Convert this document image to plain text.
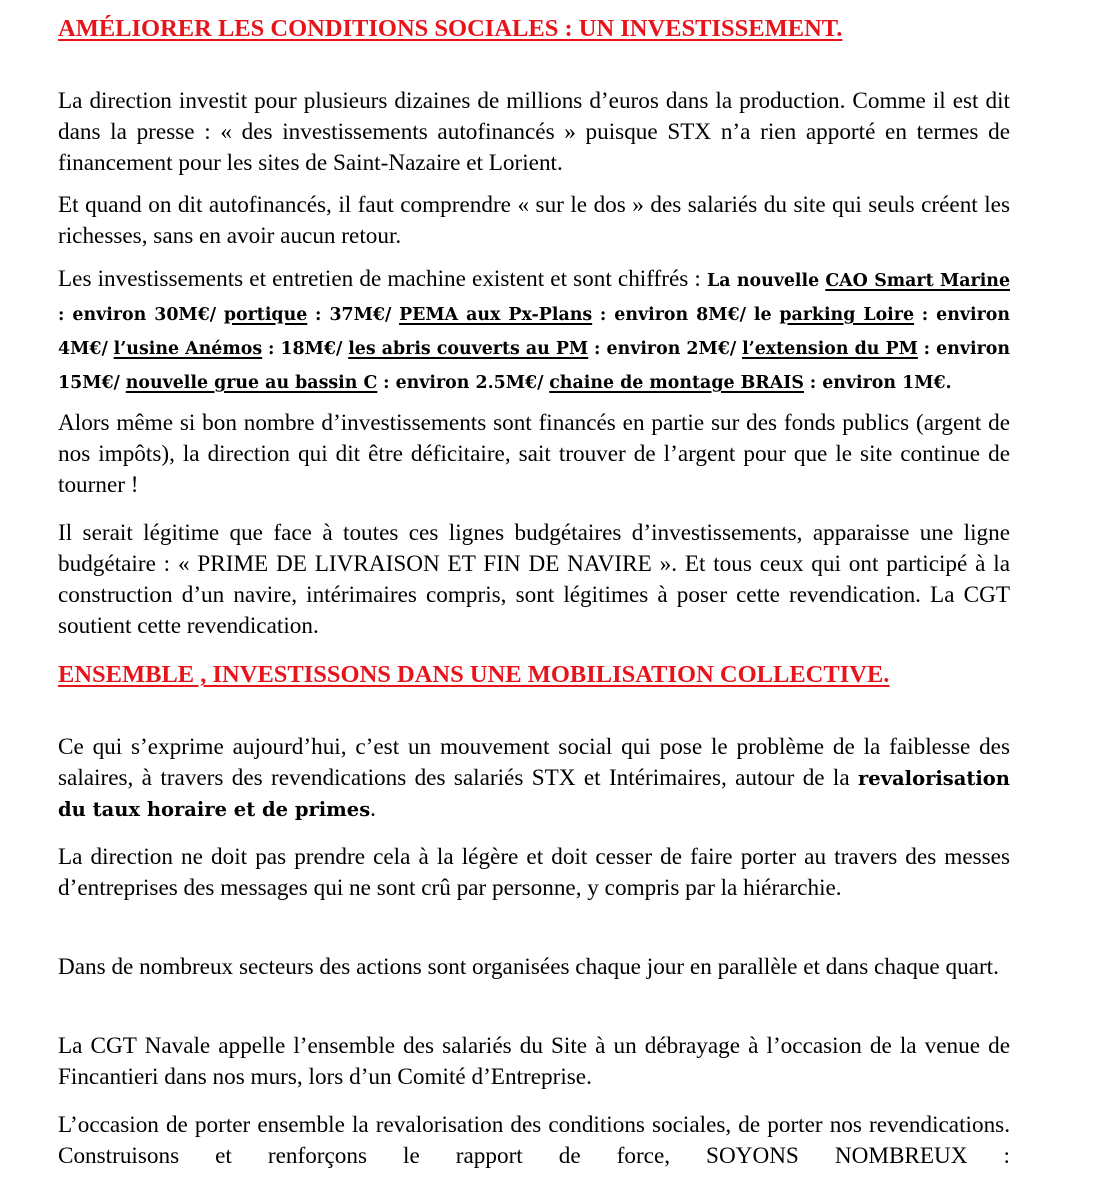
AMÉLIORER LES CONDITIONS SOCIALES : UN INVESTISSEMENT.

La direction investit pour plusieurs dizaines de millions d’euros dans la production. Comme il est dit dans la presse : « des investissements autofinancés » puisque STX n’a rien apporté en termes de financement pour les sites de Saint-Nazaire et Lorient.

Et quand on dit autofinancés, il faut comprendre « sur le dos » des salariés du site qui seuls créent les richesses, sans en avoir aucun retour.

Les investissements et entretien de machine existent et sont chiffrés : La nouvelle CAO Smart Marine : environ 30M€/ portique : 37M€/ PEMA aux Px-Plans : environ 8M€/ le parking Loire : environ 4M€/ l’usine Anémos : 18M€/ les abris couverts au PM : environ 2M€/ l’extension du PM : environ 15M€/ nouvelle grue au bassin C : environ 2.5M€/ chaine de montage BRAIS : environ 1M€.

Alors même si bon nombre d’investissements sont financés en partie sur des fonds publics (argent de nos impôts), la direction qui dit être déficitaire, sait trouver de l’argent pour que le site continue de tourner !

Il serait légitime que face à toutes ces lignes budgétaires d’investissements, apparaisse une ligne budgétaire : « PRIME DE LIVRAISON ET FIN DE NAVIRE ». Et tous ceux qui ont participé à la construction d’un navire, intérimaires compris, sont légitimes à poser cette revendication. La CGT soutient cette revendication.

ENSEMBLE , INVESTISSONS DANS UNE MOBILISATION COLLECTIVE.

Ce qui s’exprime aujourd’hui, c’est un mouvement social qui pose le problème de la faiblesse des salaires, à travers des revendications des salariés STX et Intérimaires, autour de la revalorisation du taux horaire et de primes.

La direction ne doit pas prendre cela à la légère et doit cesser de faire porter au travers des messes d’entreprises des messages qui ne sont crû par personne, y compris par la hiérarchie.

Dans de nombreux secteurs des actions sont organisées chaque jour en parallèle et dans chaque quart.

La CGT Navale appelle l’ensemble des salariés du Site à un débrayage à l’occasion de la venue de Fincantieri dans nos murs, lors d’un Comité d’Entreprise.

L’occasion de porter ensemble la revalorisation des conditions sociales, de porter nos revendications. Construisons et renforçons le rapport de force, SOYONS NOMBREUX :
